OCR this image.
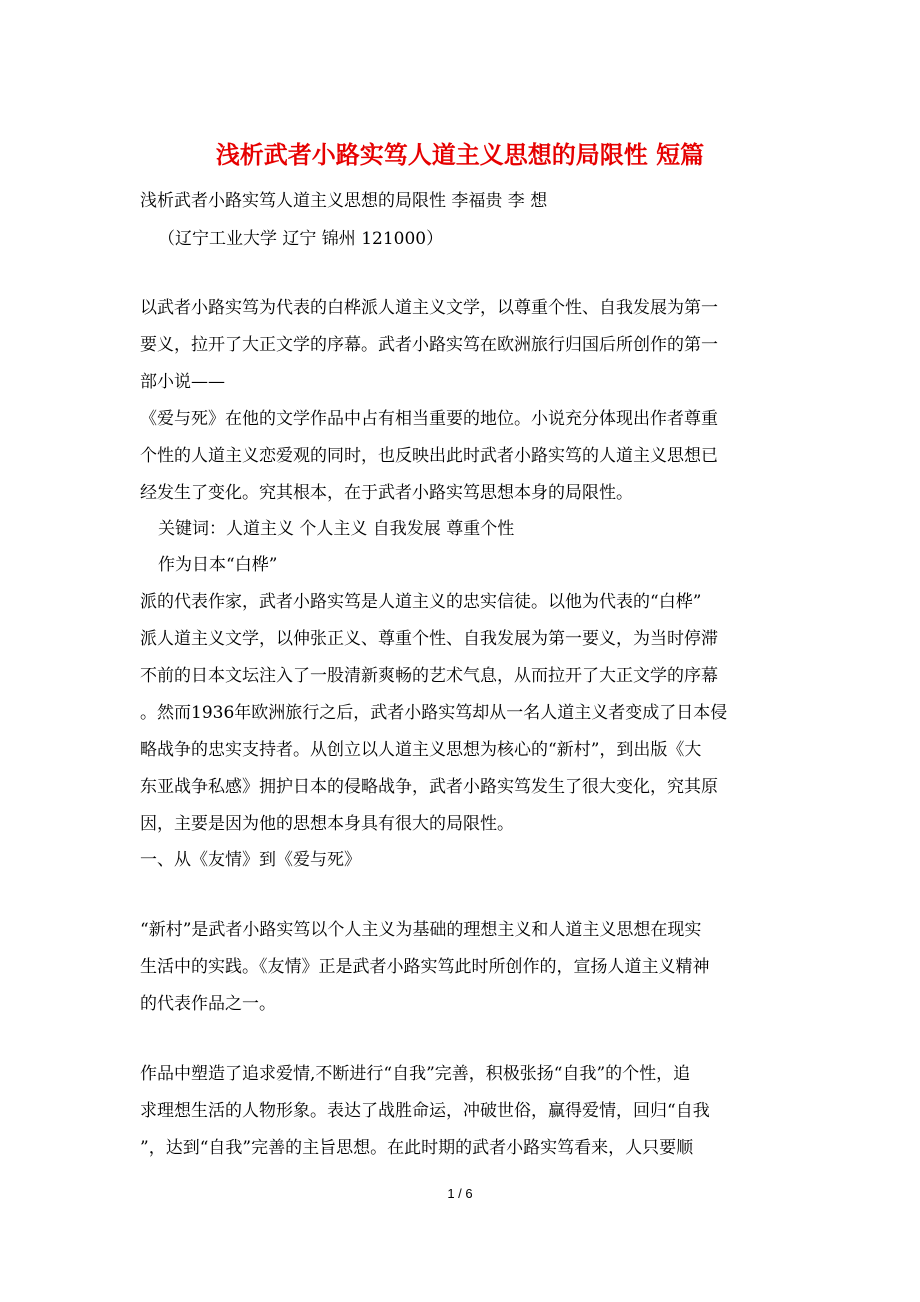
浅析武者小路实笃人道主义思想的局限性 短篇

浅析武者小路实笃人道主义思想的局限性 李福贵 李 想

（辽宁工业大学 辽宁 锦州 121000）

以武者小路实笃为代表的白桦派人道主义文学，以尊重个性、自我发展为第一

要义，拉开了大正文学的序幕。武者小路实笃在欧洲旅行归国后所创作的第一

部小说——

《爱与死》在他的文学作品中占有相当重要的地位。小说充分体现出作者尊重

个性的人道主义恋爱观的同时，也反映出此时武者小路实笃的人道主义思想已

经发生了变化。究其根本，在于武者小路实笃思想本身的局限性。

关键词：人道主义 个人主义 自我发展 尊重个性

作为日本“白桦”

派的代表作家，武者小路实笃是人道主义的忠实信徒。以他为代表的“白桦”

派人道主义文学，以伸张正义、尊重个性、自我发展为第一要义，为当时停滞

不前的日本文坛注入了一股清新爽畅的艺术气息，从而拉开了大正文学的序幕

。然而1936年欧洲旅行之后，武者小路实笃却从一名人道主义者变成了日本侵

略战争的忠实支持者。从创立以人道主义思想为核心的“新村”，到出版《大

东亚战争私感》拥护日本的侵略战争，武者小路实笃发生了很大变化，究其原

因，主要是因为他的思想本身具有很大的局限性。

一、从《友情》到《爱与死》

“新村”是武者小路实笃以个人主义为基础的理想主义和人道主义思想在现实

生活中的实践。《友情》正是武者小路实笃此时所创作的，宣扬人道主义精神

的代表作品之一。

作品中塑造了追求爱情,不断进行“自我”完善，积极张扬“自我”的个性，追

求理想生活的人物形象。表达了战胜命运，冲破世俗，赢得爱情，回归“自我

”，达到“自我”完善的主旨思想。在此时期的武者小路实笃看来，人只要顺

1 / 6
